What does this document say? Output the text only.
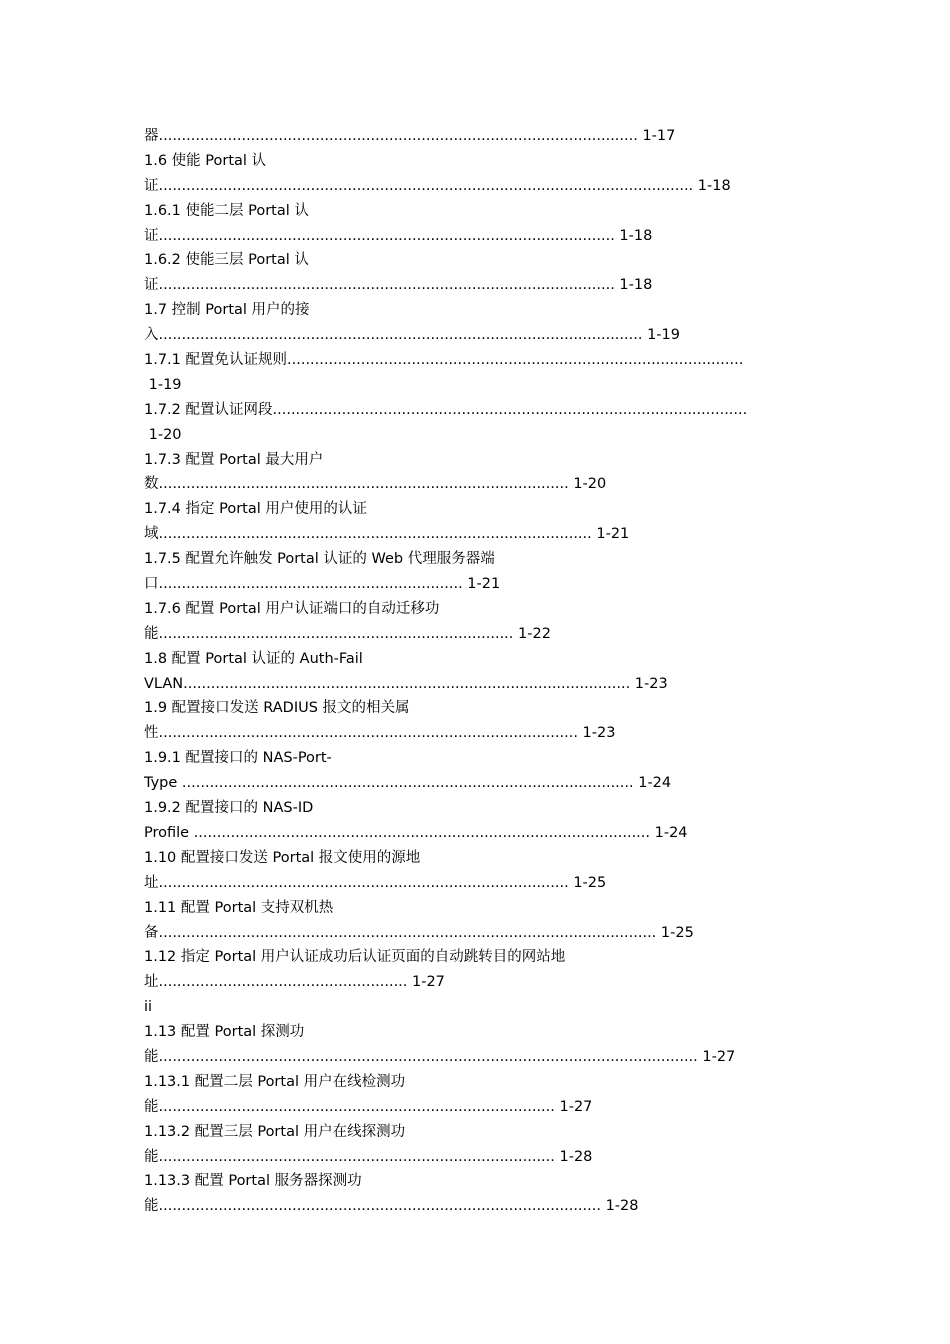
器........................................................................................................ 1-17
1.6 使能 Portal 认
证.................................................................................................................... 1-18
1.6.1 使能二层 Portal 认
证................................................................................................... 1-18
1.6.2 使能三层 Portal 认
证................................................................................................... 1-18
1.7 控制 Portal 用户的接
入......................................................................................................... 1-19
1.7.1 配置免认证规则...................................................................................................
1-19
1.7.2 配置认证网段.......................................................................................................
1-20
1.7.3 配置 Portal 最大用户
数......................................................................................... 1-20
1.7.4 指定 Portal 用户使用的认证
域.............................................................................................. 1-21
1.7.5 配置允许触发 Portal 认证的 Web 代理服务器端
口.................................................................. 1-21
1.7.6 配置 Portal 用户认证端口的自动迁移功
能............................................................................. 1-22
1.8 配置 Portal 认证的 Auth-Fail
VLAN................................................................................................. 1-23
1.9 配置接口发送 RADIUS 报文的相关属
性........................................................................................... 1-23
1.9.1 配置接口的 NAS-Port-
Type .................................................................................................. 1-24
1.9.2 配置接口的 NAS-ID
Profile ................................................................................................... 1-24
1.10 配置接口发送 Portal 报文使用的源地
址......................................................................................... 1-25
1.11 配置 Portal 支持双机热
备............................................................................................................ 1-25
1.12 指定 Portal 用户认证成功后认证页面的自动跳转目的网站地
址...................................................... 1-27
ii
1.13 配置 Portal 探测功
能..................................................................................................................... 1-27
1.13.1 配置二层 Portal 用户在线检测功
能...................................................................................... 1-27
1.13.2 配置三层 Portal 用户在线探测功
能...................................................................................... 1-28
1.13.3 配置 Portal 服务器探测功
能................................................................................................ 1-28
